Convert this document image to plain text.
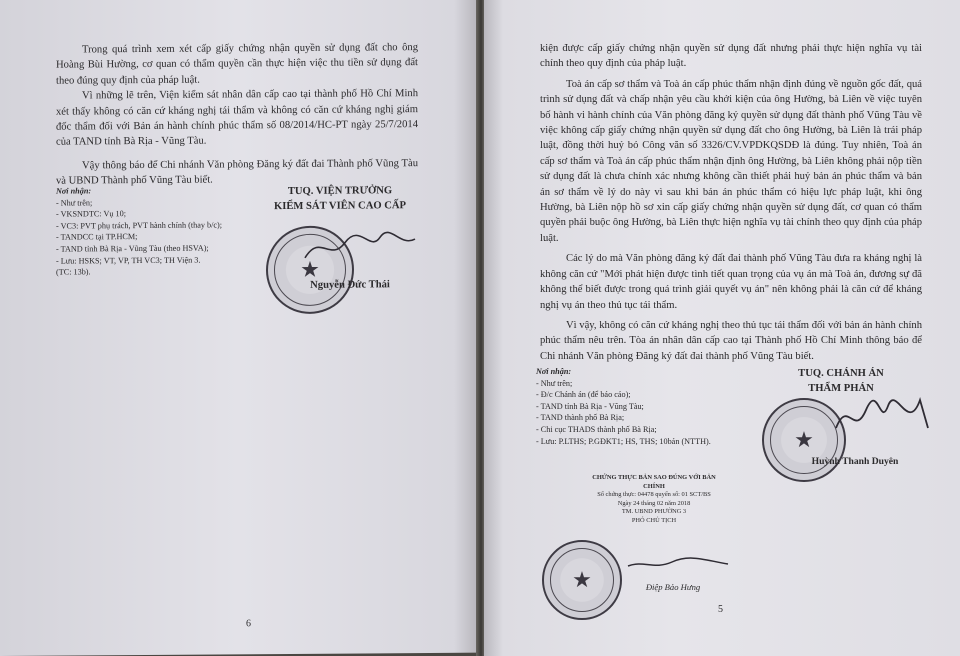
Trong quá trình xem xét cấp giấy chứng nhận quyền sử dụng đất cho ông Hoàng Bùi Hường, cơ quan có thẩm quyền cần thực hiện việc thu tiền sử dụng đất theo đúng quy định của pháp luật.

Vì những lẽ trên, Viện kiểm sát nhân dân cấp cao tại thành phố Hồ Chí Minh xét thấy không có căn cứ kháng nghị tái thẩm và không có căn cứ kháng nghị giám đốc thẩm đối với Bản án hành chính phúc thẩm số 08/2014/HC-PT ngày 25/7/2014 của TAND tỉnh Bà Rịa - Vũng Tàu.

Vậy thông báo để Chi nhánh Văn phòng Đăng ký đất đai Thành phố Vũng Tàu và UBND Thành phố Vũng Tàu biết.

Nơi nhận:
- Như trên;
- VKSNDTC: Vụ 10;
- VC3: PVT phụ trách, PVT hành chính (thay b/c);
- TANDCC tại TP.HCM;
- TAND tỉnh Bà Rịa - Vũng Tàu (theo HSVA);
- Lưu: HSKS; VT, VP, TH VC3; TH Viện 3.
(TC: 13b).
TUQ. VIỆN TRƯỞNG
KIỂM SÁT VIÊN CAO CẤP
★
Nguyễn Đức Thái
6

kiện được cấp giấy chứng nhận quyền sử dụng đất nhưng phải thực hiện nghĩa vụ tài chính theo quy định của pháp luật.

Toà án cấp sơ thẩm và Toà án cấp phúc thẩm nhận định đúng về nguồn gốc đất, quá trình sử dụng đất và chấp nhận yêu cầu khởi kiện của ông Hường, bà Liên về việc tuyên bố hành vi hành chính của Văn phòng đăng ký quyền sử dụng đất thành phố Vũng Tàu về việc không cấp giấy chứng nhận quyền sử dụng đất cho ông Hường, bà Liên là trái pháp luật, đồng thời huỷ bỏ Công văn số 3326/CV.VPDKQSDĐ là đúng. Tuy nhiên, Toà án cấp sơ thẩm và Toà án cấp phúc thẩm nhận định ông Hường, bà Liên không phải nộp tiền sử dụng đất là chưa chính xác nhưng không cần thiết phải huỷ bản án phúc thẩm và bản án sơ thẩm về lý do này vì sau khi bản án phúc thẩm có hiệu lực pháp luật, khi ông Hường, bà Liên nộp hồ sơ xin cấp giấy chứng nhận quyền sử dụng đất, cơ quan có thẩm quyền phải buộc ông Hường, bà Liên thực hiện nghĩa vụ tài chính theo quy định của pháp luật.

Các lý do mà Văn phòng đăng ký đất đai thành phố Vũng Tàu đưa ra kháng nghị là không căn cứ "Mới phát hiện được tình tiết quan trọng của vụ án mà Toà án, đương sự đã không thể biết được trong quá trình giải quyết vụ án" nên không phải là căn cứ để kháng nghị vụ án theo thủ tục tái thẩm.

Vì vậy, không có căn cứ kháng nghị theo thủ tục tái thẩm đối với bản án hành chính phúc thẩm nêu trên. Tòa án nhân dân cấp cao tại Thành phố Hồ Chí Minh thông báo để Chi nhánh Văn phòng Đăng ký đất đai thành phố Vũng Tàu biết.

Nơi nhận:
- Như trên;
- Đ/c Chánh án (để báo cáo);
- TAND tỉnh Bà Rịa - Vũng Tàu;
- TAND thành phố Bà Rịa;
- Chi cục THADS thành phố Bà Rịa;
- Lưu: P.LTHS; P.GĐKT1; HS, THS; 10bản (NTTH).
TUQ. CHÁNH ÁN
THẨM PHÁN
★
Huỳnh Thanh Duyên
CHỨNG THỰC BẢN SAO ĐÚNG VỚI BẢN CHÍNH
Số chứng thực: 04478 quyển số: 01 SCT/BS
Ngày 24 tháng 02 năm 2018
TM. UBND PHƯỜNG 3
PHÓ CHỦ TỊCH
★	Điệp Bảo Hưng
5
